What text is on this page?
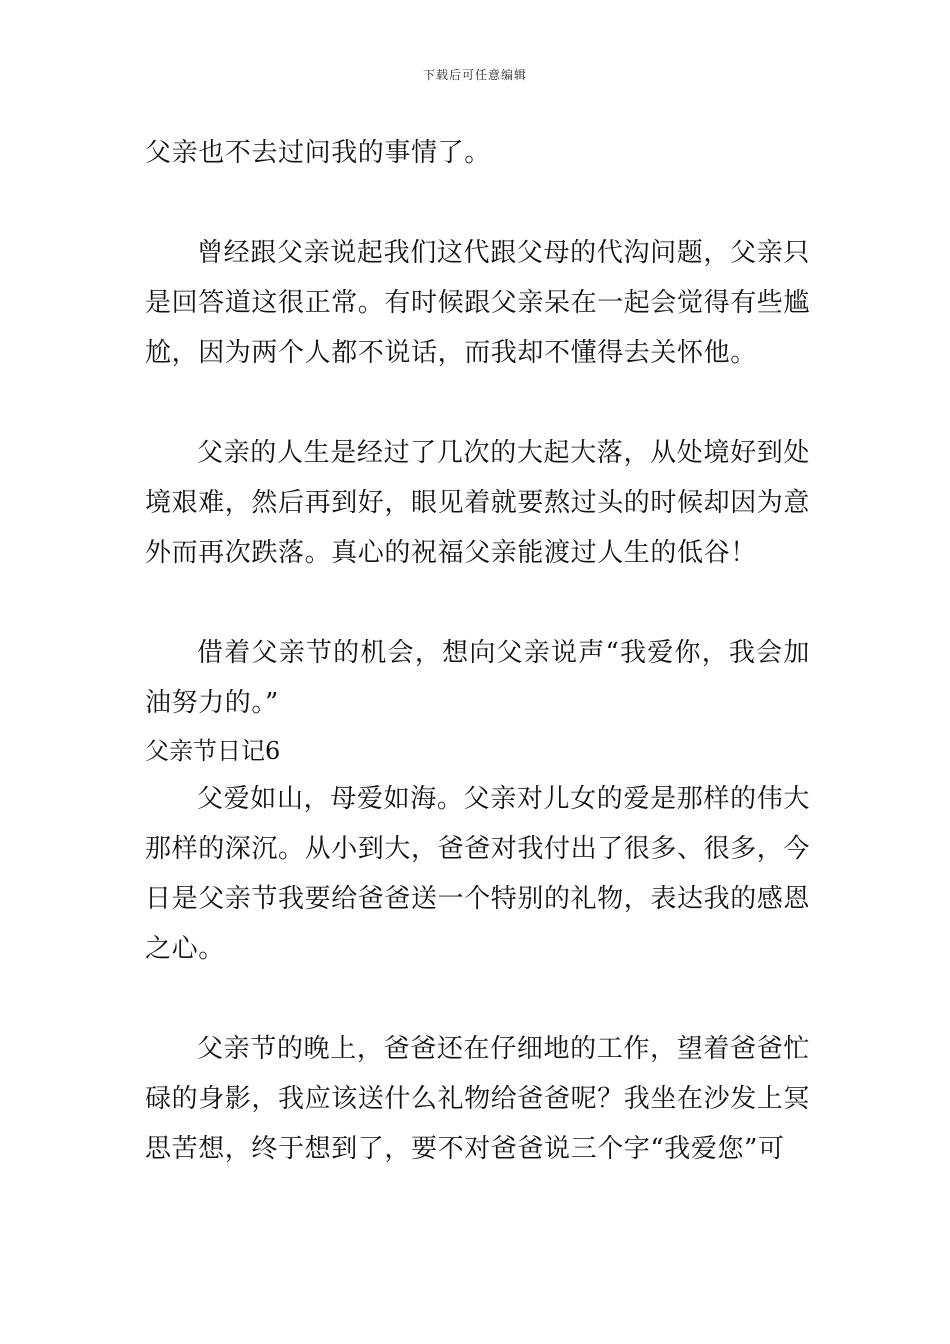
下载后可任意编辑

父亲也不去过问我的事情了。

曾经跟父亲说起我们这代跟父母的代沟问题，父亲只是回答道这很正常。有时候跟父亲呆在一起会觉得有些尴尬，因为两个人都不说话，而我却不懂得去关怀他。

父亲的人生是经过了几次的大起大落，从处境好到处境艰难，然后再到好，眼见着就要熬过头的时候却因为意外而再次跌落。真心的祝福父亲能渡过人生的低谷！

借着父亲节的机会，想向父亲说声“我爱你，我会加油努力的。”

父亲节日记6

父爱如山，母爱如海。父亲对儿女的爱是那样的伟大那样的深沉。从小到大，爸爸对我付出了很多、很多，今日是父亲节我要给爸爸送一个特别的礼物，表达我的感恩之心。

父亲节的晚上，爸爸还在仔细地的工作，望着爸爸忙碌的身影，我应该送什么礼物给爸爸呢？我坐在沙发上冥思苦想，终于想到了，要不对爸爸说三个字“我爱您”可
